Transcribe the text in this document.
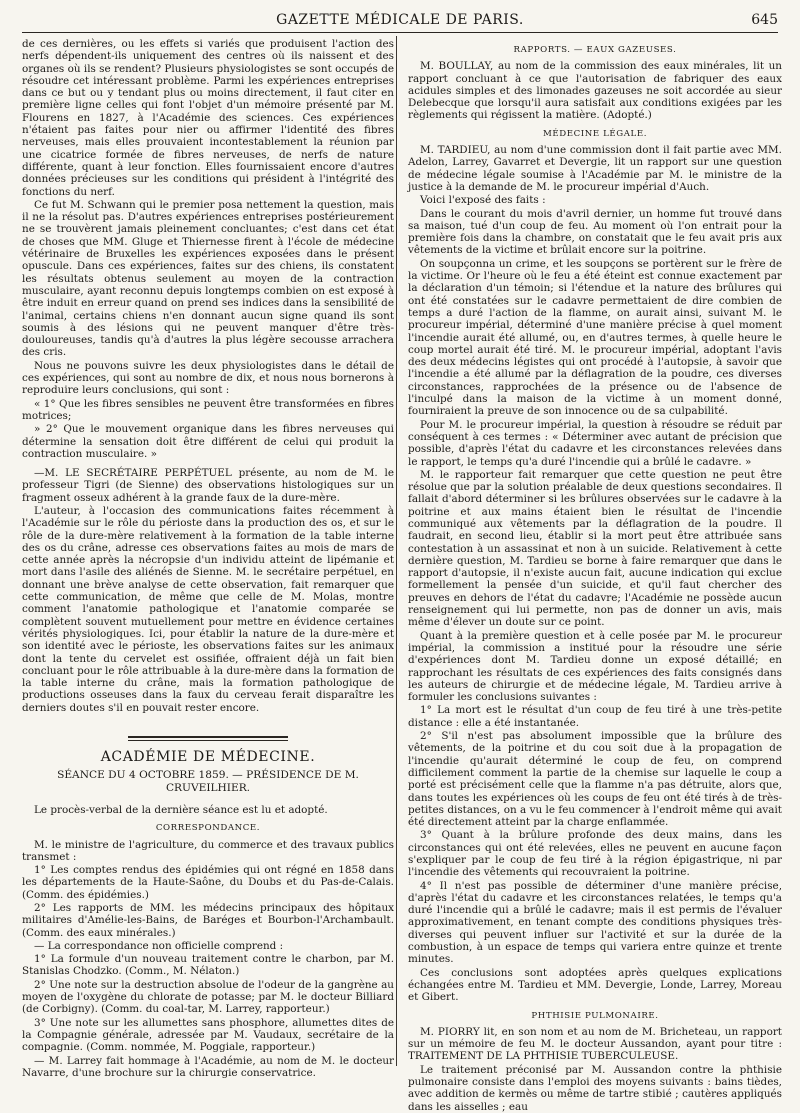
GAZETTE MÉDICALE DE PARIS.	645

de ces dernières, ou les effets si variés que produisent l'action des nerfs dépendent-ils uniquement des centres où ils naissent et des organes où ils se rendent? Plusieurs physiologistes se sont occupés de résoudre cet intéressant problème. Parmi les expériences entreprises dans ce but ou y tendant plus ou moins directement, il faut citer en première ligne celles qui font l'objet d'un mémoire présenté par M. Flourens en 1827, à l'Académie des sciences. Ces expériences n'étaient pas faites pour nier ou affirmer l'identité des fibres nerveuses, mais elles prouvaient incontestablement la réunion par une cicatrice formée de fibres nerveuses, de nerfs de nature différente, quant à leur fonction. Elles fournissaient encore d'autres données précieuses sur les conditions qui président à l'intégrité des fonctions du nerf.

Ce fut M. Schwann qui le premier posa nettement la question, mais il ne la résolut pas. D'autres expériences entreprises postérieurement ne se trouvèrent jamais pleinement concluantes; c'est dans cet état de choses que MM. Gluge et Thiernesse firent à l'école de médecine vétérinaire de Bruxelles les expériences exposées dans le présent opuscule. Dans ces expériences, faites sur des chiens, ils constatent les résultats obtenus seulement au moyen de la contraction musculaire, ayant reconnu depuis longtemps combien on est exposé à être induit en erreur quand on prend ses indices dans la sensibilité de l'animal, certains chiens n'en donnant aucun signe quand ils sont soumis à des lésions qui ne peuvent manquer d'être très-douloureuses, tandis qu'à d'autres la plus légère secousse arrachera des cris.

Nous ne pouvons suivre les deux physiologistes dans le détail de ces expériences, qui sont au nombre de dix, et nous nous bornerons à reproduire leurs conclusions, qui sont :

« 1° Que les fibres sensibles ne peuvent être transformées en fibres motrices;

» 2° Que le mouvement organique dans les fibres nerveuses qui détermine la sensation doit être différent de celui qui produit la contraction musculaire. »

—M. LE SECRÉTAIRE PERPÉTUEL présente, au nom de M. le professeur Tigri (de Sienne) des observations histologiques sur un fragment osseux adhérent à la grande faux de la dure-mère.

L'auteur, à l'occasion des communications faites récemment à l'Académie sur le rôle du périoste dans la production des os, et sur le rôle de la dure-mère relativement à la formation de la table interne des os du crâne, adresse ces observations faites au mois de mars de cette année après la nécropsie d'un individu atteint de lipémanie et mort dans l'asile des aliénés de Sienne. M. le secrétaire perpétuel, en donnant une brève analyse de cette observation, fait remarquer que cette communication, de même que celle de M. Molas, montre comment l'anatomie pathologique et l'anatomie comparée se complètent souvent mutuellement pour mettre en évidence certaines vérités physiologiques. Ici, pour établir la nature de la dure-mère et son identité avec le périoste, les observations faites sur les animaux dont la tente du cervelet est ossifiée, offraient déjà un fait bien concluant pour le rôle attribuable à la dure-mère dans la formation de la table interne du crâne, mais la formation pathologique de productions osseuses dans la faux du cerveau ferait disparaître les derniers doutes s'il en pouvait rester encore.

ACADÉMIE DE MÉDECINE.
SÉANCE DU 4 OCTOBRE 1859. — PRÉSIDENCE DE M. CRUVEILHIER.

Le procès-verbal de la dernière séance est lu et adopté.

CORRESPONDANCE.

M. le ministre de l'agriculture, du commerce et des travaux publics transmet :

1° Les comptes rendus des épidémies qui ont régné en 1858 dans les départements de la Haute-Saône, du Doubs et du Pas-de-Calais. (Comm. des épidémies.)

2° Les rapports de MM. les médecins principaux des hôpitaux militaires d'Amélie-les-Bains, de Baréges et Bourbon-l'Archambault. (Comm. des eaux minérales.)

— La correspondance non officielle comprend :

1° La formule d'un nouveau traitement contre le charbon, par M. Stanislas Chodzko. (Comm., M. Nélaton.)

2° Une note sur la destruction absolue de l'odeur de la gangrène au moyen de l'oxygène du chlorate de potasse; par M. le docteur Billiard (de Corbigny). (Comm. du coal-tar, M. Larrey, rapporteur.)

3° Une note sur les allumettes sans phosphore, allumettes dites de la Compagnie générale, adressée par M. Vaudaux, secrétaire de la compagnie. (Comm. nommée, M. Poggiale, rapporteur.)

— M. Larrey fait hommage à l'Académie, au nom de M. le docteur Navarre, d'une brochure sur la chirurgie conservatrice.

RAPPORTS. — EAUX GAZEUSES.

M. BOULLAY, au nom de la commission des eaux minérales, lit un rapport concluant à ce que l'autorisation de fabriquer des eaux acidules simples et des limonades gazeuses ne soit accordée au sieur Delebecque que lorsqu'il aura satisfait aux conditions exigées par les règlements qui régissent la matière. (Adopté.)

MÉDECINE LÉGALE.

M. TARDIEU, au nom d'une commission dont il fait partie avec MM. Adelon, Larrey, Gavarret et Devergie, lit un rapport sur une question de médecine légale soumise à l'Académie par M. le ministre de la justice à la demande de M. le procureur impérial d'Auch.

Voici l'exposé des faits :

Dans le courant du mois d'avril dernier, un homme fut trouvé dans sa maison, tué d'un coup de feu. Au moment où l'on entrait pour la première fois dans la chambre, on constatait que le feu avait pris aux vêtements de la victime et brûlait encore sur la poitrine.

On soupçonna un crime, et les soupçons se portèrent sur le frère de la victime. Or l'heure où le feu a été éteint est connue exactement par la déclaration d'un témoin; si l'étendue et la nature des brûlures qui ont été constatées sur le cadavre permettaient de dire combien de temps a duré l'action de la flamme, on aurait ainsi, suivant M. le procureur impérial, déterminé d'une manière précise à quel moment l'incendie aurait été allumé, ou, en d'autres termes, à quelle heure le coup mortel aurait été tiré. M. le procureur impérial, adoptant l'avis des deux médecins légistes qui ont procédé à l'autopsie, à savoir que l'incendie a été allumé par la déflagration de la poudre, ces diverses circonstances, rapprochées de la présence ou de l'absence de l'inculpé dans la maison de la victime à un moment donné, fourniraient la preuve de son innocence ou de sa culpabilité.

Pour M. le procureur impérial, la question à résoudre se réduit par conséquent à ces termes : « Déterminer avec autant de précision que possible, d'après l'état du cadavre et les circonstances relevées dans le rapport, le temps qu'a duré l'incendie qui a brûlé le cadavre. »

M. le rapporteur fait remarquer que cette question ne peut être résolue que par la solution préalable de deux questions secondaires. Il fallait d'abord déterminer si les brûlures observées sur le cadavre à la poitrine et aux mains étaient bien le résultat de l'incendie communiqué aux vêtements par la déflagration de la poudre. Il faudrait, en second lieu, établir si la mort peut être attribuée sans contestation à un assassinat et non à un suicide. Relativement à cette dernière question, M. Tardieu se borne à faire remarquer que dans le rapport d'autopsie, il n'existe aucun fait, aucune indication qui exclue formellement la pensée d'un suicide, et qu'il faut chercher des preuves en dehors de l'état du cadavre; l'Académie ne possède aucun renseignement qui lui permette, non pas de donner un avis, mais même d'élever un doute sur ce point.

Quant à la première question et à celle posée par M. le procureur impérial, la commission a institué pour la résoudre une série d'expériences dont M. Tardieu donne un exposé détaillé; en rapprochant les résultats de ces expériences des faits consignés dans les auteurs de chirurgie et de médecine légale, M. Tardieu arrive à formuler les conclusions suivantes :

1° La mort est le résultat d'un coup de feu tiré à une très-petite distance : elle a été instantanée.

2° S'il n'est pas absolument impossible que la brûlure des vêtements, de la poitrine et du cou soit due à la propagation de l'incendie qu'aurait déterminé le coup de feu, on comprend difficilement comment la partie de la chemise sur laquelle le coup a porté est précisément celle que la flamme n'a pas détruite, alors que, dans toutes les expériences où les coups de feu ont été tirés à de très-petites distances, on a vu le feu commencer à l'endroit même qui avait été directement atteint par la charge enflammée.

3° Quant à la brûlure profonde des deux mains, dans les circonstances qui ont été relevées, elles ne peuvent en aucune façon s'expliquer par le coup de feu tiré à la région épigastrique, ni par l'incendie des vêtements qui recouvraient la poitrine.

4° Il n'est pas possible de déterminer d'une manière précise, d'après l'état du cadavre et les circonstances relatées, le temps qu'a duré l'incendie qui a brûlé le cadavre; mais il est permis de l'évaluer approximativement, en tenant compte des conditions physiques très-diverses qui peuvent influer sur l'activité et sur la durée de la combustion, à un espace de temps qui variera entre quinze et trente minutes.

Ces conclusions sont adoptées après quelques explications échangées entre M. Tardieu et MM. Devergie, Londe, Larrey, Moreau et Gibert.

PHTHISIE PULMONAIRE.

M. PIORRY lit, en son nom et au nom de M. Bricheteau, un rapport sur un mémoire de feu M. le docteur Aussandon, ayant pour titre : TRAITEMENT DE LA PHTHISIE TUBERCULEUSE.

Le traitement préconisé par M. Aussandon contre la phthisie pulmonaire consiste dans l'emploi des moyens suivants : bains tièdes, avec addition de kermès ou même de tartre stibié ; cautères appliqués dans les aisselles ; eau
